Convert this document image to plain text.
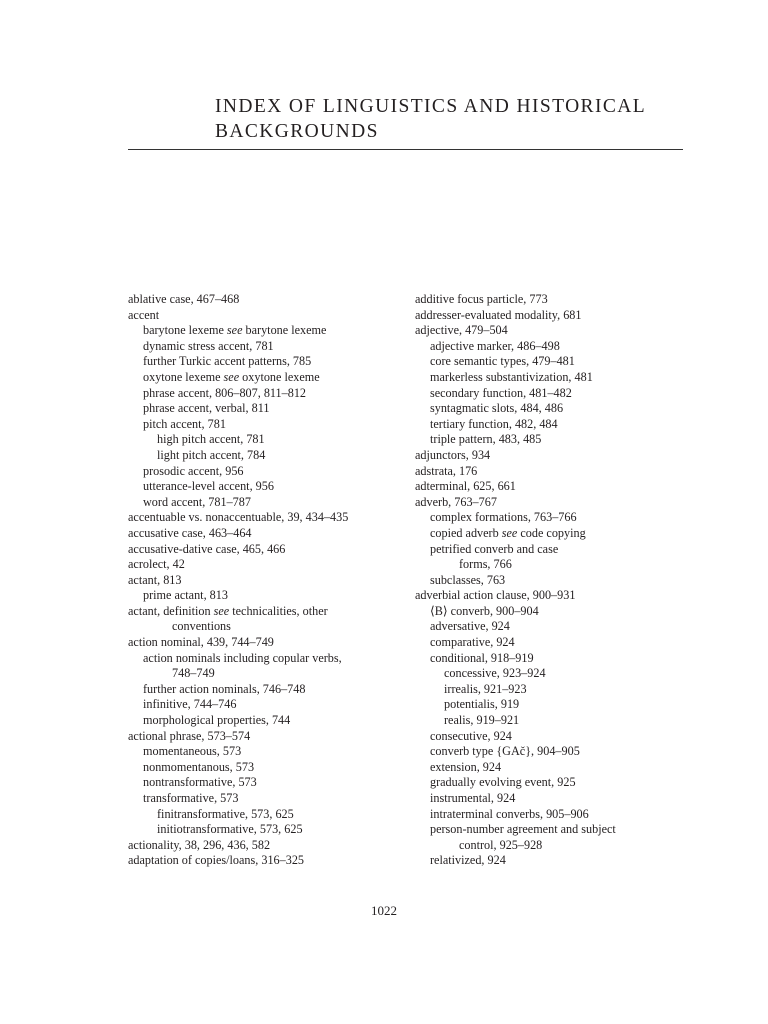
INDEX OF LINGUISTICS AND HISTORICAL BACKGROUNDS
ablative case, 467–468
accent
barytone lexeme see barytone lexeme
dynamic stress accent, 781
further Turkic accent patterns, 785
oxytone lexeme see oxytone lexeme
phrase accent, 806–807, 811–812
phrase accent, verbal, 811
pitch accent, 781
high pitch accent, 781
light pitch accent, 784
prosodic accent, 956
utterance-level accent, 956
word accent, 781–787
accentuable vs. nonaccentuable, 39, 434–435
accusative case, 463–464
accusative-dative case, 465, 466
acrolect, 42
actant, 813
prime actant, 813
actant, definition see technicalities, other
conventions
action nominal, 439, 744–749
action nominals including copular verbs,
748–749
further action nominals, 746–748
infinitive, 744–746
morphological properties, 744
actional phrase, 573–574
momentaneous, 573
nonmomentanous, 573
nontransformative, 573
transformative, 573
finitransformative, 573, 625
initiotransformative, 573, 625
actionality, 38, 296, 436, 582
adaptation of copies/loans, 316–325
additive focus particle, 773
addresser-evaluated modality, 681
adjective, 479–504
adjective marker, 486–498
core semantic types, 479–481
markerless substantivization, 481
secondary function, 481–482
syntagmatic slots, 484, 486
tertiary function, 482, 484
triple pattern, 483, 485
adjunctors, 934
adstrata, 176
adterminal, 625, 661
adverb, 763–767
complex formations, 763–766
copied adverb see code copying
petrified converb and case
forms, 766
subclasses, 763
adverbial action clause, 900–931
⟨B⟩ converb, 900–904
adversative, 924
comparative, 924
conditional, 918–919
concessive, 923–924
irrealis, 921–923
potentialis, 919
realis, 919–921
consecutive, 924
converb type {GAč}, 904–905
extension, 924
gradually evolving event, 925
instrumental, 924
intraterminal converbs, 905–906
person-number agreement and subject
control, 925–928
relativized, 924
1022
